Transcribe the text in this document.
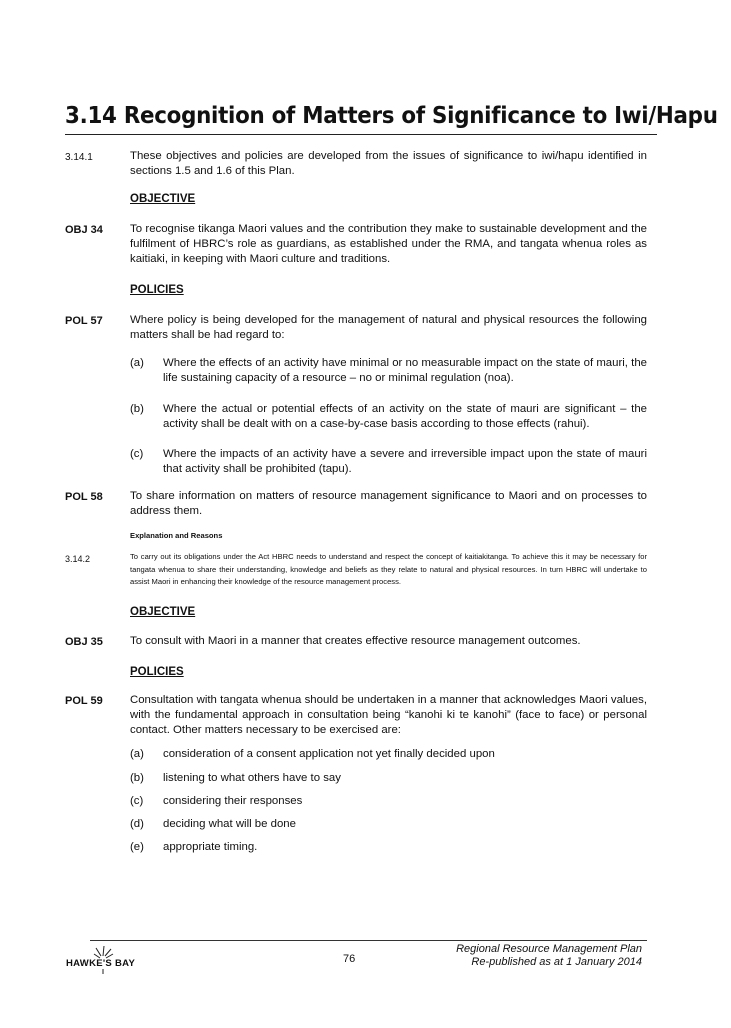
3.14 Recognition of Matters of Significance to Iwi/Hapu
3.14.1	These objectives and policies are developed from the issues of significance to iwi/hapu identified in sections 1.5 and 1.6 of this Plan.
OBJECTIVE
OBJ 34 To recognise tikanga Maori values and the contribution they make to sustainable development and the fulfilment of HBRC’s role as guardians, as established under the RMA, and tangata whenua roles as kaitiaki, in keeping with Maori culture and traditions.
POLICIES
POL 57 Where policy is being developed for the management of natural and physical resources the following matters shall be had regard to:
(a) Where the effects of an activity have minimal or no measurable impact on the state of mauri, the life sustaining capacity of a resource – no or minimal regulation (noa).
(b) Where the actual or potential effects of an activity on the state of mauri are significant – the activity shall be dealt with on a case-by-case basis according to those effects (rahui).
(c) Where the impacts of an activity have a severe and irreversible impact upon the state of mauri that activity shall be prohibited (tapu).
POL 58 To share information on matters of resource management significance to Maori and on processes to address them.
Explanation and Reasons
3.14.2	To carry out its obligations under the Act HBRC needs to understand and respect the concept of kaitiakitanga. To achieve this it may be necessary for tangata whenua to share their understanding, knowledge and beliefs as they relate to natural and physical resources. In turn HBRC will undertake to assist Maori in enhancing their knowledge of the resource management process.
OBJECTIVE
OBJ 35 To consult with Maori in a manner that creates effective resource management outcomes.
POLICIES
POL 59 Consultation with tangata whenua should be undertaken in a manner that acknowledges Maori values, with the fundamental approach in consultation being “kanohi ki te kanohi” (face to face) or personal contact. Other matters necessary to be exercised are:
(a) consideration of a consent application not yet finally decided upon
(b) listening to what others have to say
(c) considering their responses
(d) deciding what will be done
(e) appropriate timing.
HAWKE'S BAY	76
Regional Resource Management Plan
Re-published as at 1 January 2014
